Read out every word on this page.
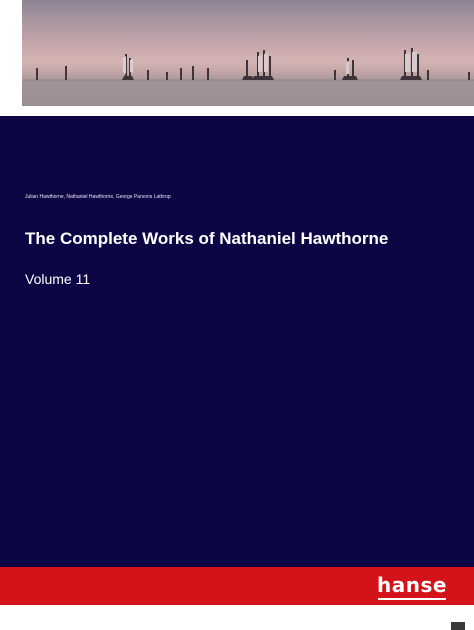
Julian Hawthorne, Nathaniel Hawthorne, George Parsons Lathrop
The Complete Works of Nathaniel Hawthorne
Volume 11
hanse
